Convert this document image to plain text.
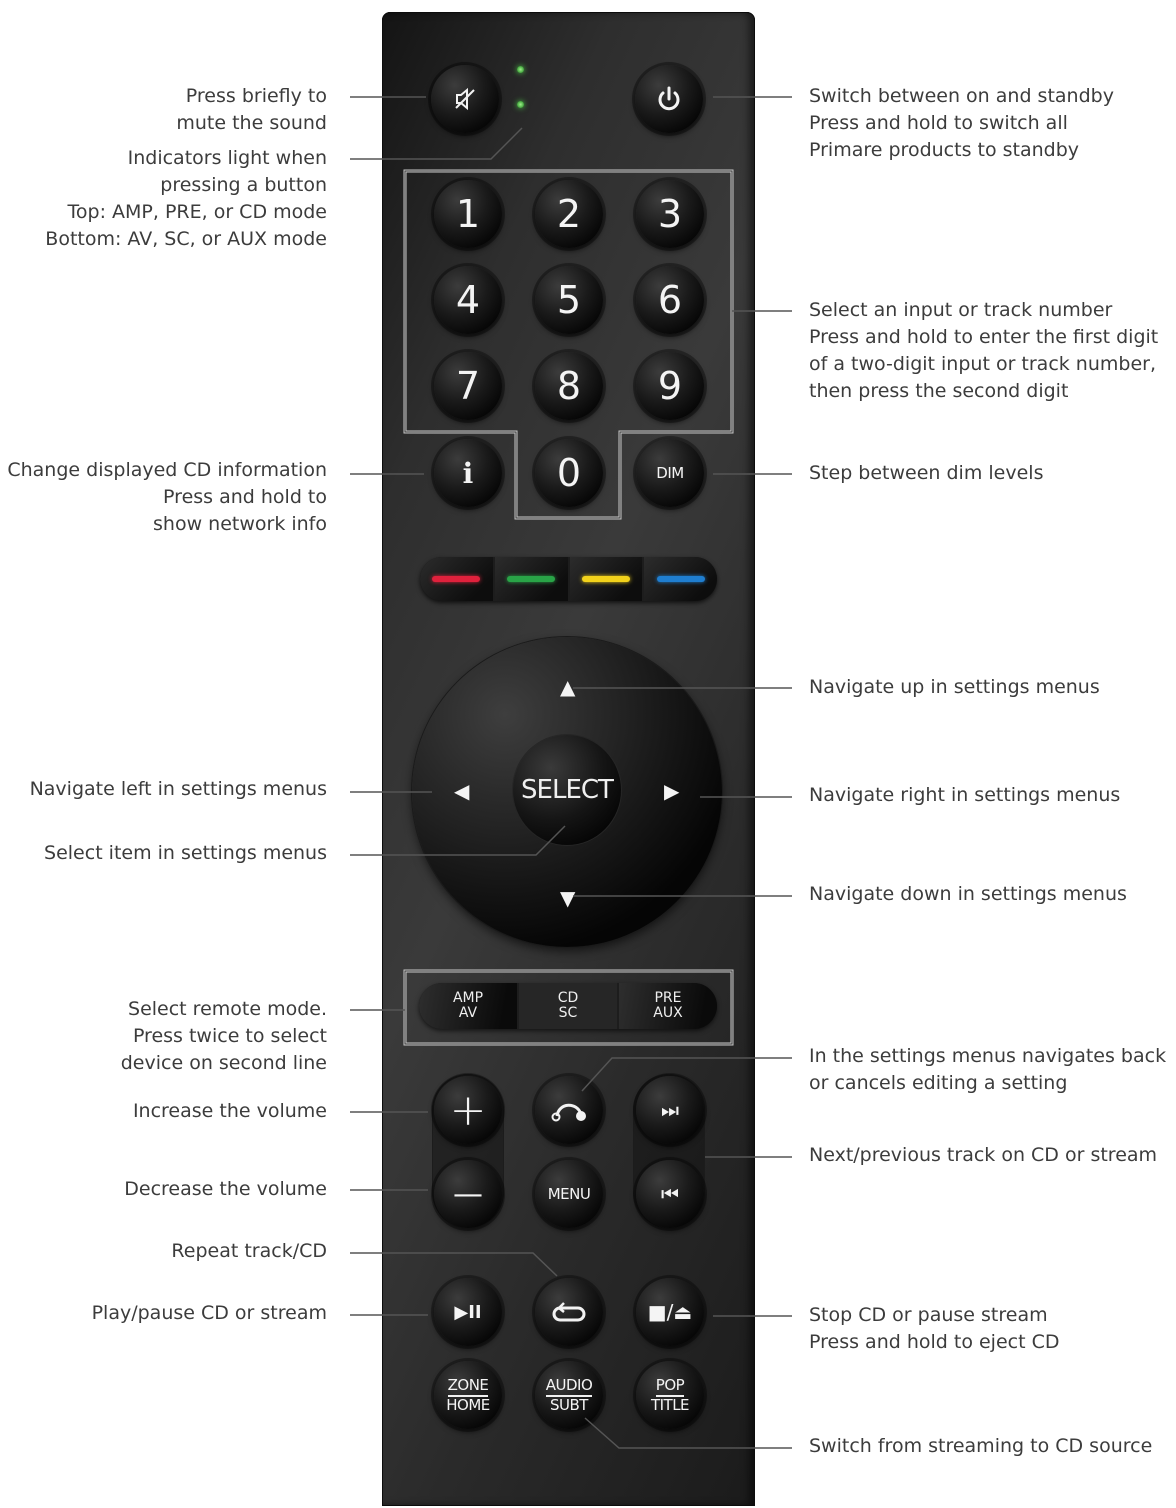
1 2 3
4 5 6
7 8 9
i 0	DIM
▲
▼
◀	▶
SELECT
AMP
AV
CD
SC
PRE
AUX
+
—	MENU
⏭
⏮
▶II	■/⏏
ZONE
HOME
AUDIO
SUBT
POP
TITLE
Press briefly to
mute the sound
Indicators light when
pressing a button
Top: AMP, PRE, or CD mode
Bottom: AV, SC, or AUX mode
Change displayed CD information
Press and hold to
show network info
Navigate left in settings menus
Select item in settings menus
Select remote mode.
Press twice to select
device on second line
Increase the volume
Decrease the volume
Repeat track/CD
Play/pause CD or stream
Switch between on and standby
Press and hold to switch all
Primare products to standby
Select an input or track number
Press and hold to enter the first digit
of a two-digit input or track number,
then press the second digit
Step between dim levels
Navigate up in settings menus
Navigate right in settings menus
Navigate down in settings menus
In the settings menus navigates back
or cancels editing a setting
Next/previous track on CD or stream
Stop CD or pause stream
Press and hold to eject CD
Switch from streaming to CD source
